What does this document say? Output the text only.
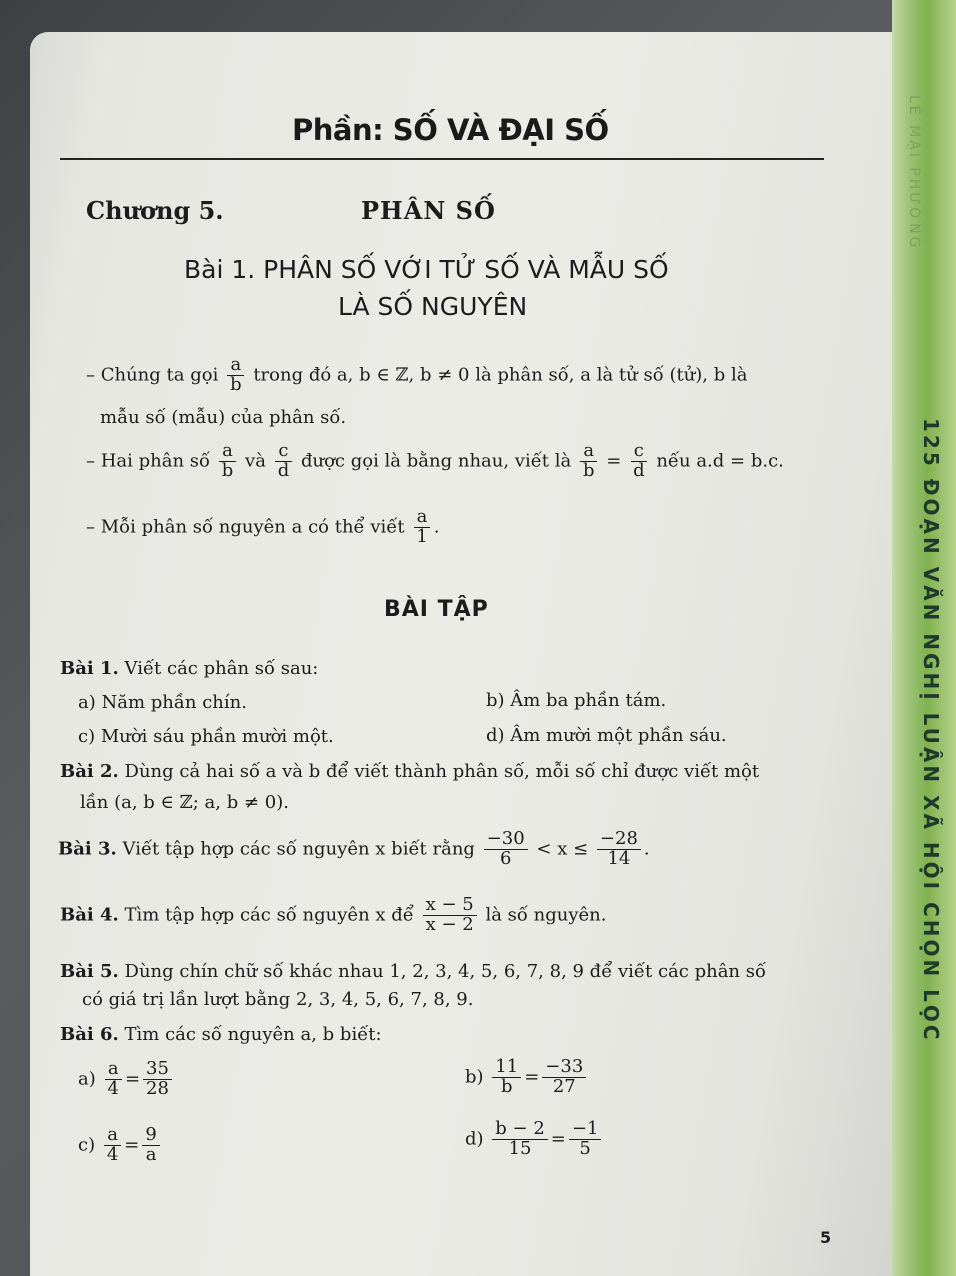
LÊ MẠI PHƯƠNG
125 ĐOẠN VĂN NGHỊ LUẬN XÃ HỘI CHỌN LỌC
Phần: SỐ VÀ ĐẠI SỐ
Chương 5.	PHÂN SỐ
Bài 1. PHÂN SỐ VỚI TỬ SỐ VÀ MẪU SỐ
LÀ SỐ NGUYÊN
– Chúng ta gọi $\frac{a}{b}$ trong đó a, b ∈ ℤ, b ≠ 0 là phân số, a là tử số (tử), b là
mẫu số (mẫu) của phân số.
– Hai phân số $\frac{a}{b}$ và $\frac{c}{d}$ được gọi là bằng nhau, viết là $\frac{a}{b} = \frac{c}{d}$ nếu a.d = b.c.
– Mỗi phân số nguyên a có thể viết $\frac{a}{1}$ .
BÀI TẬP
Bài 1. Viết các phân số sau:
a) Năm phần chín.	b) Âm ba phần tám.
c) Mười sáu phần mười một.	d) Âm mười một phần sáu.
Bài 2. Dùng cả hai số a và b để viết thành phân số, mỗi số chỉ được viết một
lần (a, b ∈ ℤ; a, b ≠ 0).
Bài 3. Viết tập hợp các số nguyên x biết rằng $\frac{-30}{6} < x \le \frac{-28}{14}$ .
Bài 4. Tìm tập hợp các số nguyên x để $\frac{x - 5}{x - 2}$ là số nguyên.
Bài 5. Dùng chín chữ số khác nhau 1, 2, 3, 4, 5, 6, 7, 8, 9 để viết các phân số
có giá trị lần lượt bằng 2, 3, 4, 5, 6, 7, 8, 9.
Bài 6. Tìm các số nguyên a, b biết:
$a) \frac{a}{4} = \frac{35}{28}$	$b) \frac{11}{b} = \frac{-33}{27}$
$c) \frac{a}{4} = \frac{9}{a}$	$d) \frac{b - 2}{15} = \frac{-1}{5}$
5
